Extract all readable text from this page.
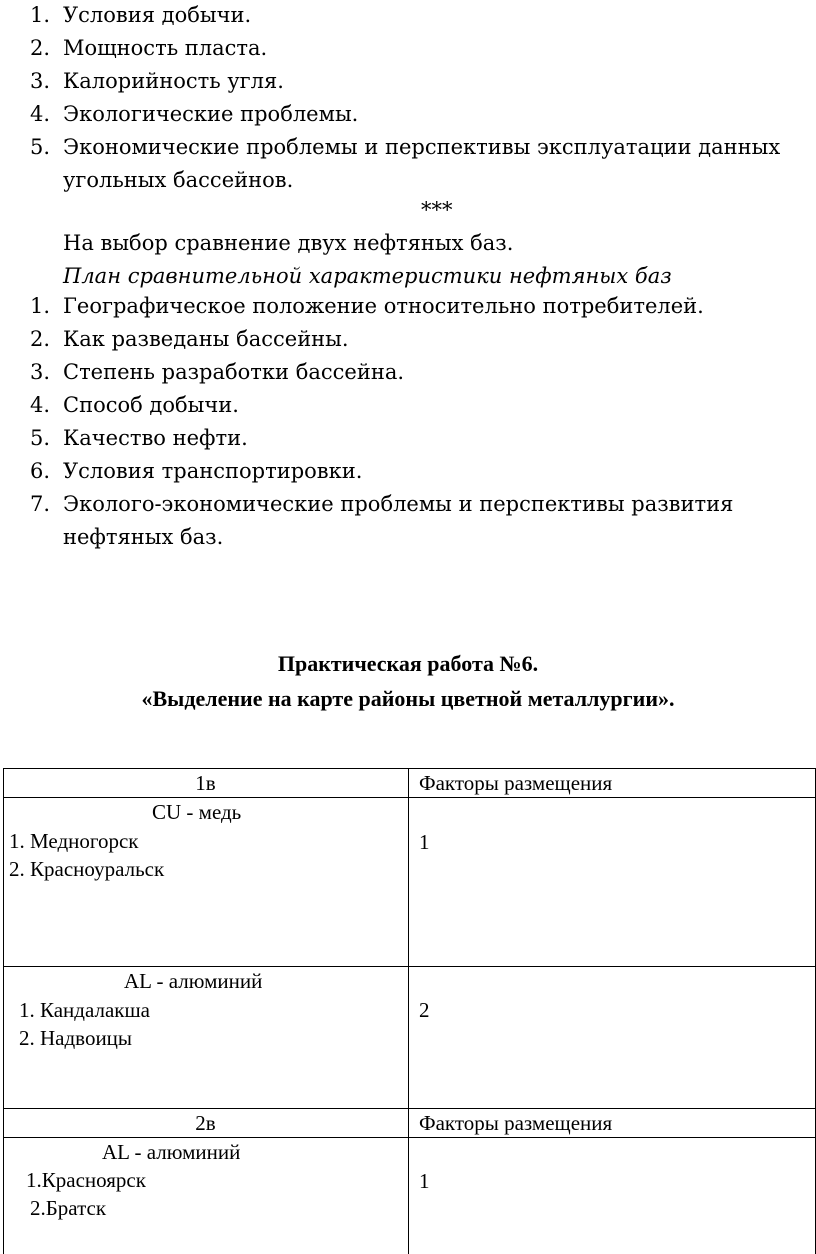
1. Условия добычи.
2. Мощность пласта.
3. Калорийность угля.
4. Экологические проблемы.
5. Экономические проблемы и перспективы эксплуатации данных
угольных бассейнов.
***
На выбор сравнение двух нефтяных баз.
План сравнительной характеристики нефтяных баз
1. Географическое положение относительно потребителей.
2. Как разведаны бассейны.
3. Степень разработки бассейна.
4. Способ добычи.
5. Качество нефти.
6. Условия транспортировки.
7. Эколого-экономические проблемы и перспективы развития
нефтяных баз.
Практическая работа №6.
«Выделение на карте районы цветной металлургии».
1в	Факторы размещения
CU - медь
1. Медногорск
2. Красноуральск
1
AL - алюминий
1. Кандалакша
2. Надвоицы
2
2в	Факторы размещения
AL - алюминий
1.Красноярск
2.Братск
1
